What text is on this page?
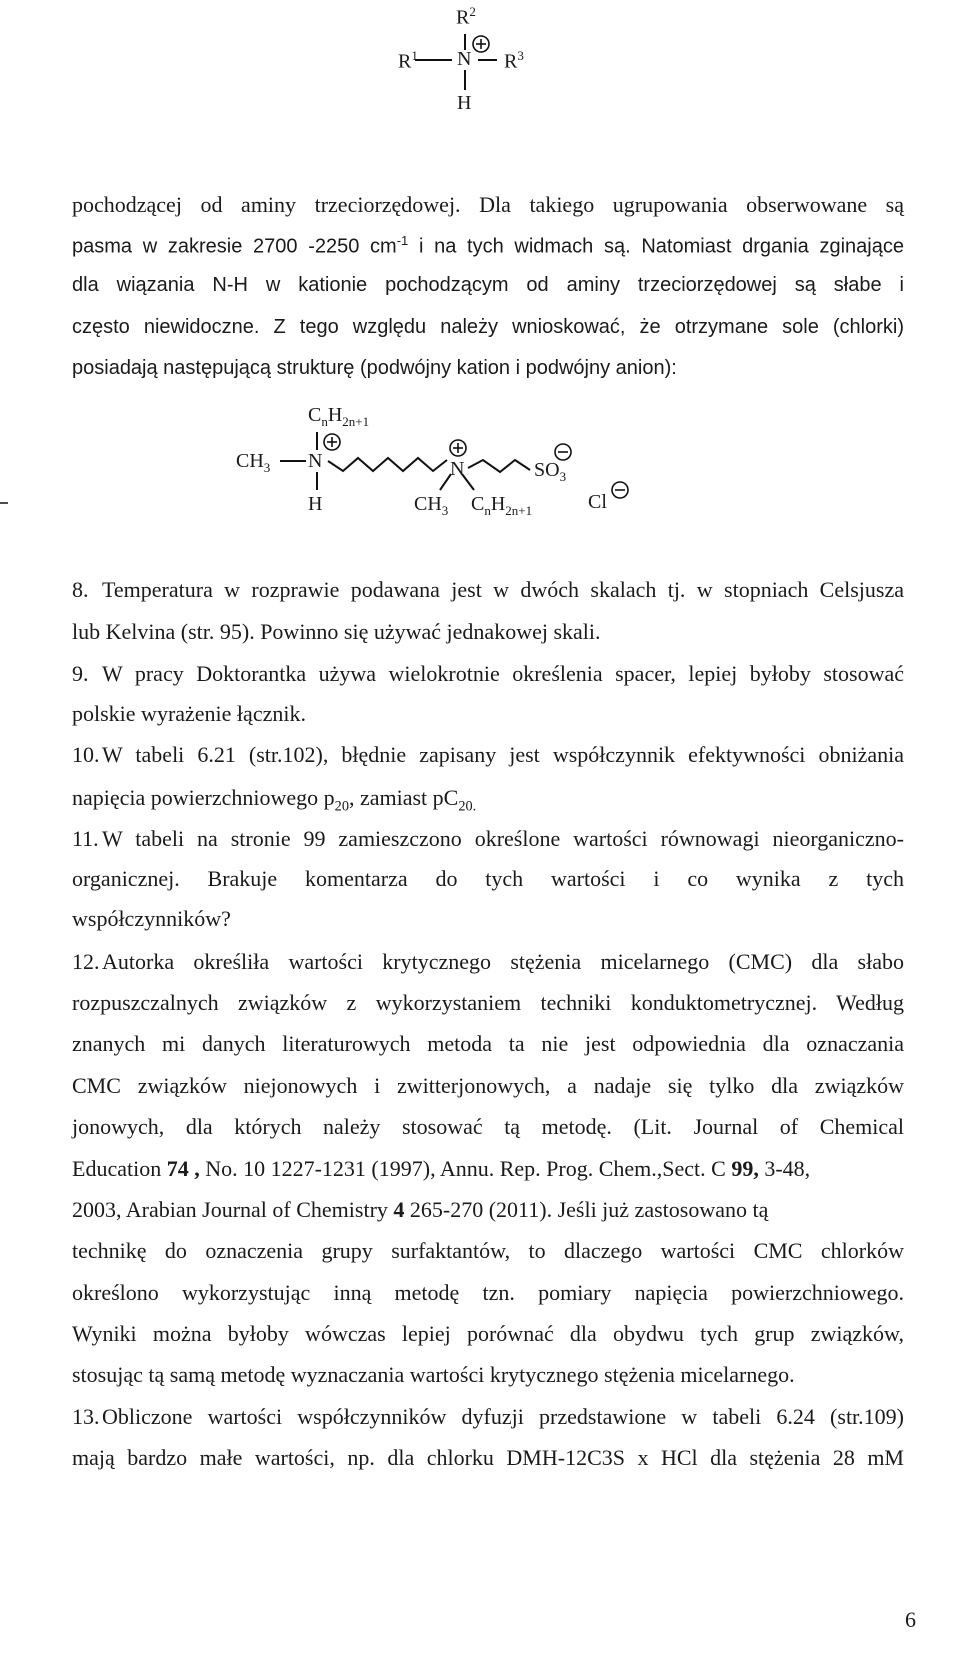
$R^2$
$R^1$ N $R^3$
H
pochodzącej od aminy trzeciorzędowej. Dla takiego ugrupowania obserwowane są
pasma w zakresie 2700 -2250 $cm^{-1}$ i na tych widmach są. Natomiast drgania zginające
dla wiązania N-H w kationie pochodzącym od aminy trzeciorzędowej są słabe i
często niewidoczne. Z tego względu należy wnioskować, że otrzymane sole (chlorki)
posiadają następującą strukturę (podwójny kation i podwójny anion):
$C_nH_{2n+1}$
$CH_3$ N
H
N	$SO_3$
$CH_3$ $C_nH_{2n+1}$	Cl
8. Temperatura w rozprawie podawana jest w dwóch skalach tj. w stopniach Celsjusza
lub Kelvina (str. 95). Powinno się używać jednakowej skali.
9. W pracy Doktorantka używa wielokrotnie określenia spacer, lepiej byłoby stosować
polskie wyrażenie łącznik.
10. W tabeli 6.21 (str.102), błędnie zapisany jest współczynnik efektywności obniżania
napięcia powierzchniowego $p_{20}$, zamiast $pC_{20.}$
11. W tabeli na stronie 99 zamieszczono określone wartości równowagi nieorganiczno-
organicznej. Brakuje komentarza do tych wartości i co wynika z tych
współczynników?
12. Autorka określiła wartości krytycznego stężenia micelarnego (CMC) dla słabo
rozpuszczalnych związków z wykorzystaniem techniki konduktometrycznej. Według
znanych mi danych literaturowych metoda ta nie jest odpowiednia dla oznaczania
CMC związków niejonowych i zwitterjonowych, a nadaje się tylko dla związków
jonowych, dla których należy stosować tą metodę. (Lit. Journal of Chemical
Education 74 , No. 10 1227-1231 (1997), Annu. Rep. Prog. Chem.,Sect. C 99, 3-48,
2003, Arabian Journal of Chemistry 4 265-270 (2011). Jeśli już zastosowano tą
technikę do oznaczenia grupy surfaktantów, to dlaczego wartości CMC chlorków
określono wykorzystując inną metodę tzn. pomiary napięcia powierzchniowego.
Wyniki można byłoby wówczas lepiej porównać dla obydwu tych grup związków,
stosując tą samą metodę wyznaczania wartości krytycznego stężenia micelarnego.
13. Obliczone wartości współczynników dyfuzji przedstawione w tabeli 6.24 (str.109)
mają bardzo małe wartości, np. dla chlorku DMH-12C3S x HCl dla stężenia 28 mM
6
